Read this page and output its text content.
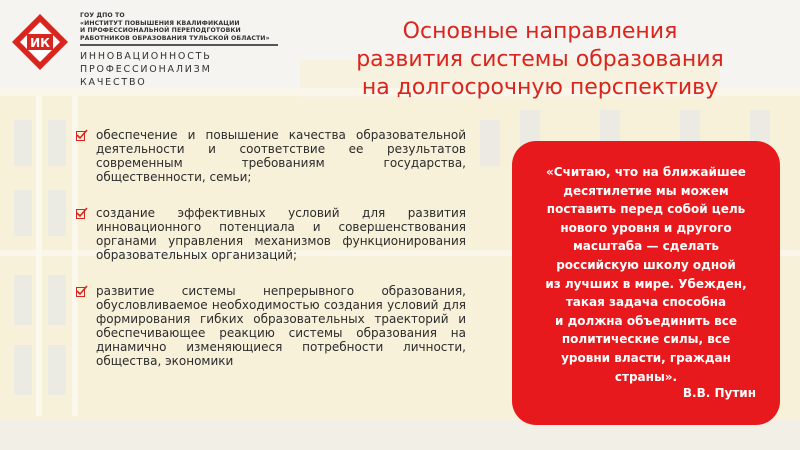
ИК
ГОУ ДПО ТО
«ИНСТИТУТ ПОВЫШЕНИЯ КВАЛИФИКАЦИИ
И ПРОФЕССИОНАЛЬНОЙ ПЕРЕПОДГОТОВКИ
РАБОТНИКОВ ОБРАЗОВАНИЯ ТУЛЬСКОЙ ОБЛАСТИ»
ИННОВАЦИОННОСТЬ
ПРОФЕССИОНАЛИЗМ
КАЧЕСТВО
Основные направления
развития системы образования
на долгосрочную перспективу
обеспечение и повышение качества образовательной деятельности и соответствие ее результатов современным требованиям государства, общественности, семьи;
создание эффективных условий для развития инновационного потенциала и совершенствования органами управления механизмов функционирования образовательных организаций;
развитие системы непрерывного образования, обусловливаемое необходимостью создания условий для формирования гибких образовательных траекторий и обеспечивающее реакцию системы образования на динамично изменяющиеся потребности личности, общества, экономики
«Считаю, что на ближайшее
десятилетие мы можем
поставить перед собой цель
нового уровня и другого
масштаба — сделать
российскую школу одной
из лучших в мире. Убежден,
такая задача способна
и должна объединить все
политические силы, все
уровни власти, граждан
страны».
В.В. Путин
